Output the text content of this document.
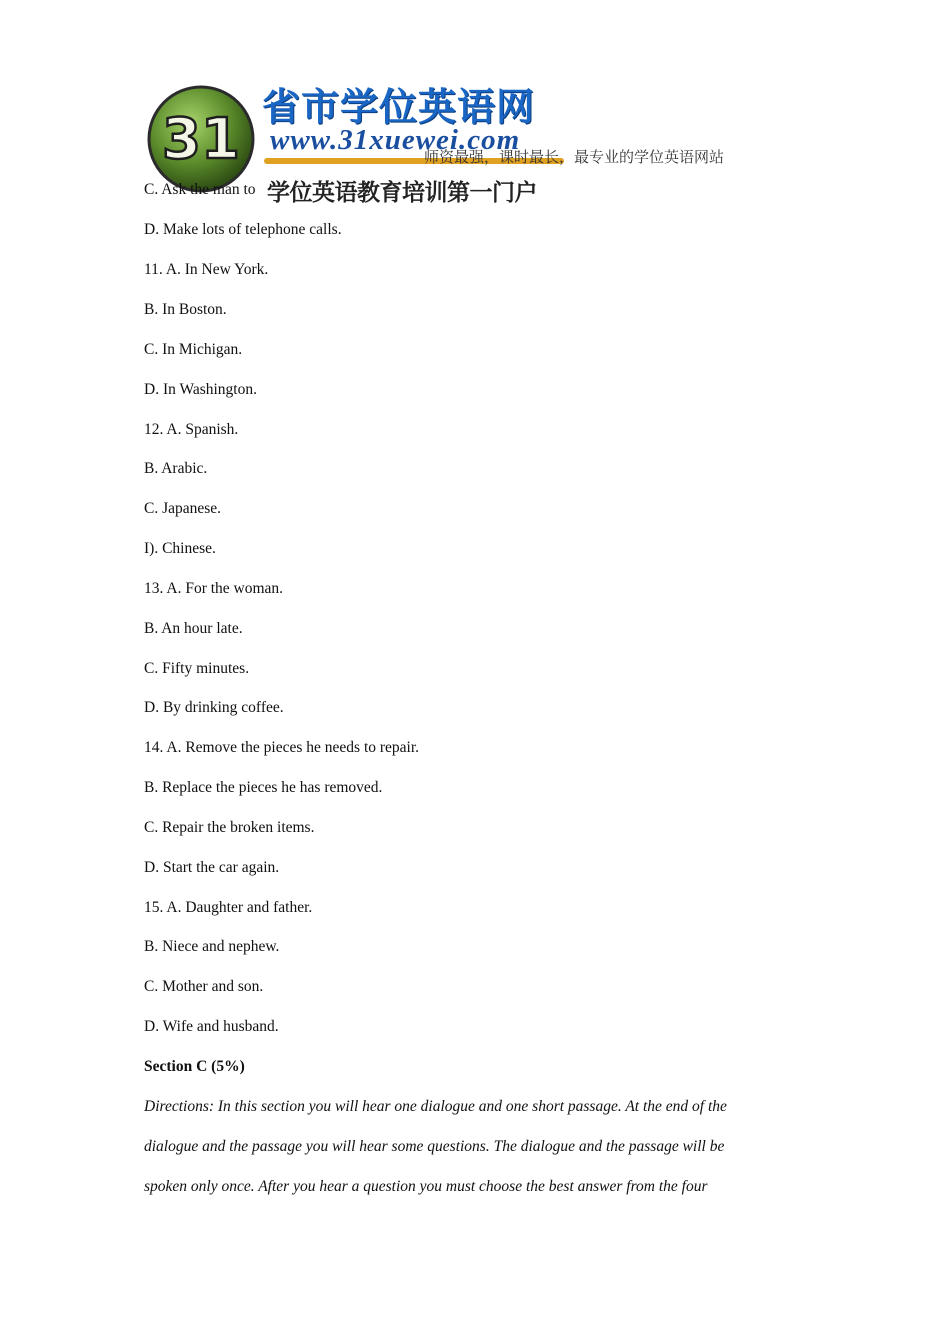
31 省市学位英语网
www.31xuewei.com
学位英语教育培训第一门户
师资最强，课时最长，最专业的学位英语网站
C. Ask the man to
D. Make lots of telephone calls.
11. A. In New York.
B. In Boston.
C. In Michigan.
D. In Washington.
12. A. Spanish.
B. Arabic.
C. Japanese.
I). Chinese.
13. A. For the woman.
B. An hour late.
C. Fifty minutes.
D. By drinking coffee.
14. A. Remove the pieces he needs to repair.
B. Replace the pieces he has removed.
C. Repair the broken items.
D. Start the car again.
15. A. Daughter and father.
B. Niece and nephew.
C. Mother and son.
D. Wife and husband.
Section C (5%)
Directions: In this section you will hear one dialogue and one short passage. At the end of the
dialogue and the passage you will hear some questions. The dialogue and the passage will be
spoken only once. After you hear a question you must choose the best answer from the four
